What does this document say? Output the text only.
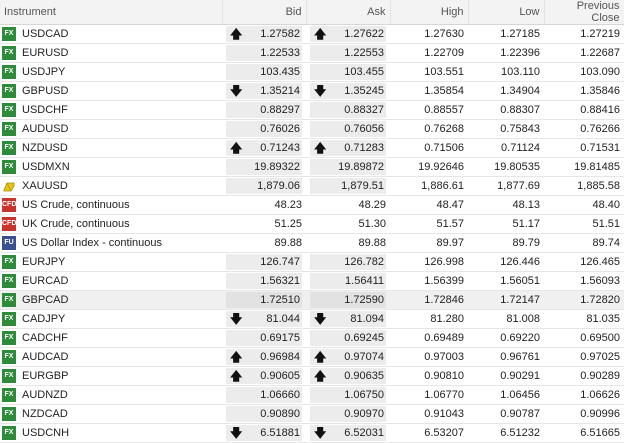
Instrument	Bid	Ask	High	Low	Previous Close
FX USDCAD	🡅 1.27582	🡅 1.27622	1.27630	1.27185	1.27219
FX EURUSD	1.22533	1.22553	1.22709	1.22396	1.22687
FX USDJPY	103.435	103.455	103.551	103.110	103.090
FX GBPUSD	🡇 1.35214	🡇 1.35245	1.35854	1.34904	1.35846
FX USDCHF	0.88297	0.88327	0.88557	0.88307	0.88416
FX AUDUSD	0.76026	0.76056	0.76268	0.75843	0.76266
FX NZDUSD	🡅 0.71243	🡅 0.71283	0.71506	0.71124	0.71531
FX USDMXN	19.89322	19.89872	19.92646	19.80535	19.81485
XAUUSD	1,879.06	1,879.51	1,886.61	1,877.69	1,885.58
CFD US Crude, continuous	48.23	48.29	48.47	48.13	48.40
CFD UK Crude, continuous	51.25	51.30	51.57	51.17	51.51
FU US Dollar Index - continuous	89.88	89.88	89.97	89.79	89.74
FX EURJPY	126.747	126.782	126.998	126.446	126.465
FX EURCAD	1.56321	1.56411	1.56399	1.56051	1.56093
FX GBPCAD	1.72510	1.72590	1.72846	1.72147	1.72820
FX CADJPY	🡇 81.044	🡇 81.094	81.280	81.008	81.035
FX CADCHF	0.69175	0.69245	0.69489	0.69220	0.69500
FX AUDCAD	🡅 0.96984	🡅 0.97074	0.97003	0.96761	0.97025
FX EURGBP	🡅 0.90605	🡅 0.90635	0.90810	0.90291	0.90289
FX AUDNZD	1.06660	1.06750	1.06770	1.06456	1.06626
FX NZDCAD	0.90890	0.90970	0.91043	0.90787	0.90996
FX USDCNH	🡇 6.51881	🡇 6.52031	6.53207	6.51232	6.51665
